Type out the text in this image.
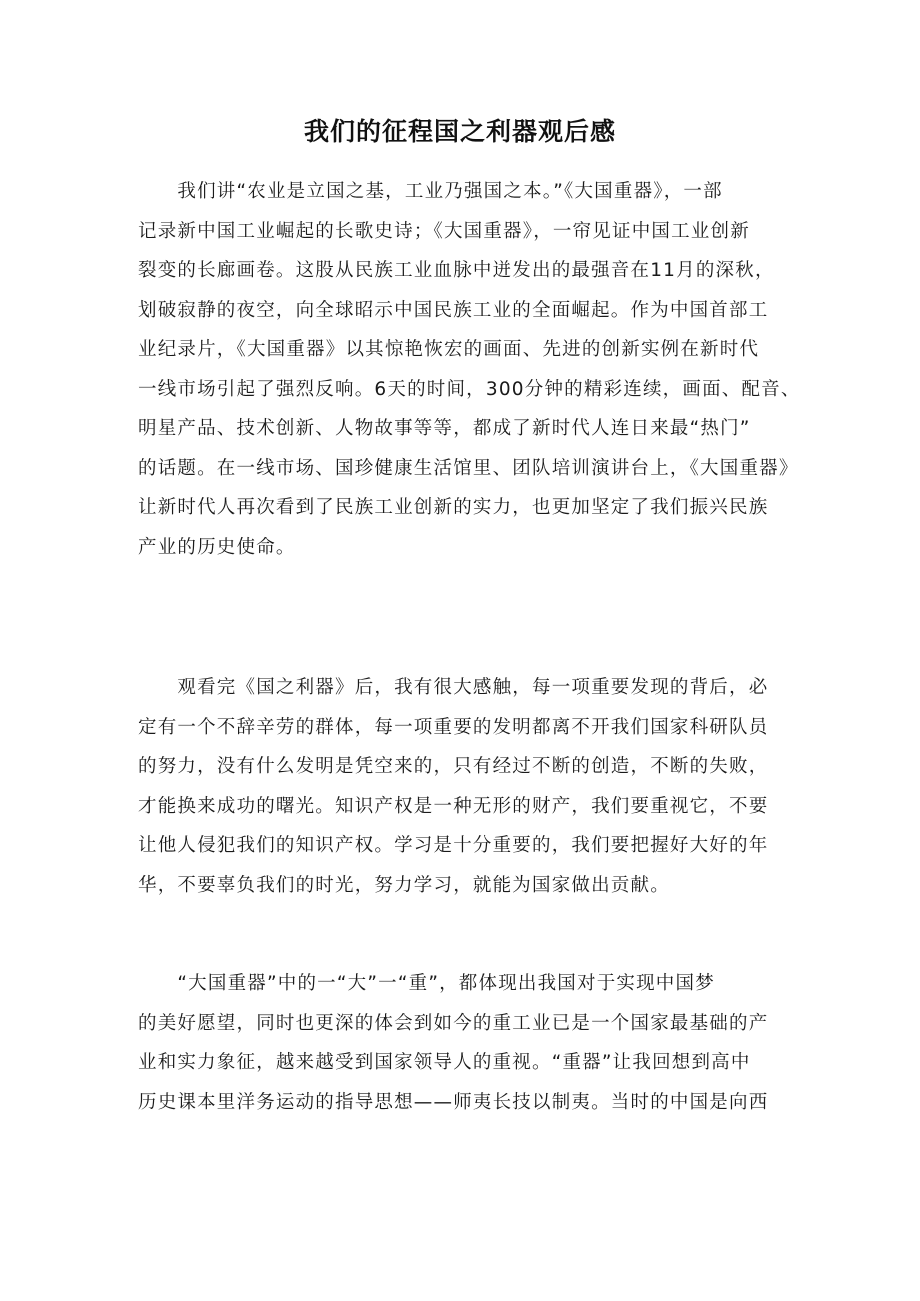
我们的征程国之利器观后感
　　我们讲“农业是立国之基，工业乃强国之本。”《大国重器》，一部
记录新中国工业崛起的长歌史诗；《大国重器》，一帘见证中国工业创新
裂变的长廊画卷。这股从民族工业血脉中迸发出的最强音在11月的深秋，
划破寂静的夜空，向全球昭示中国民族工业的全面崛起。作为中国首部工
业纪录片，《大国重器》以其惊艳恢宏的画面、先进的创新实例在新时代
一线市场引起了强烈反响。6天的时间，300分钟的精彩连续，画面、配音、
明星产品、技术创新、人物故事等等，都成了新时代人连日来最“热门”
的话题。在一线市场、国珍健康生活馆里、团队培训演讲台上，《大国重器》
让新时代人再次看到了民族工业创新的实力，也更加坚定了我们振兴民族
产业的历史使命。
　　观看完《国之利器》后，我有很大感触，每一项重要发现的背后，必
定有一个不辞辛劳的群体，每一项重要的发明都离不开我们国家科研队员
的努力，没有什么发明是凭空来的，只有经过不断的创造，不断的失败，
才能换来成功的曙光。知识产权是一种无形的财产，我们要重视它，不要
让他人侵犯我们的知识产权。学习是十分重要的，我们要把握好大好的年
华，不要辜负我们的时光，努力学习，就能为国家做出贡献。
　　“大国重器”中的一“大”一“重”，都体现出我国对于实现中国梦
的美好愿望，同时也更深的体会到如今的重工业已是一个国家最基础的产
业和实力象征，越来越受到国家领导人的重视。“重器”让我回想到高中
历史课本里洋务运动的指导思想——师夷长技以制夷。当时的中国是向西
